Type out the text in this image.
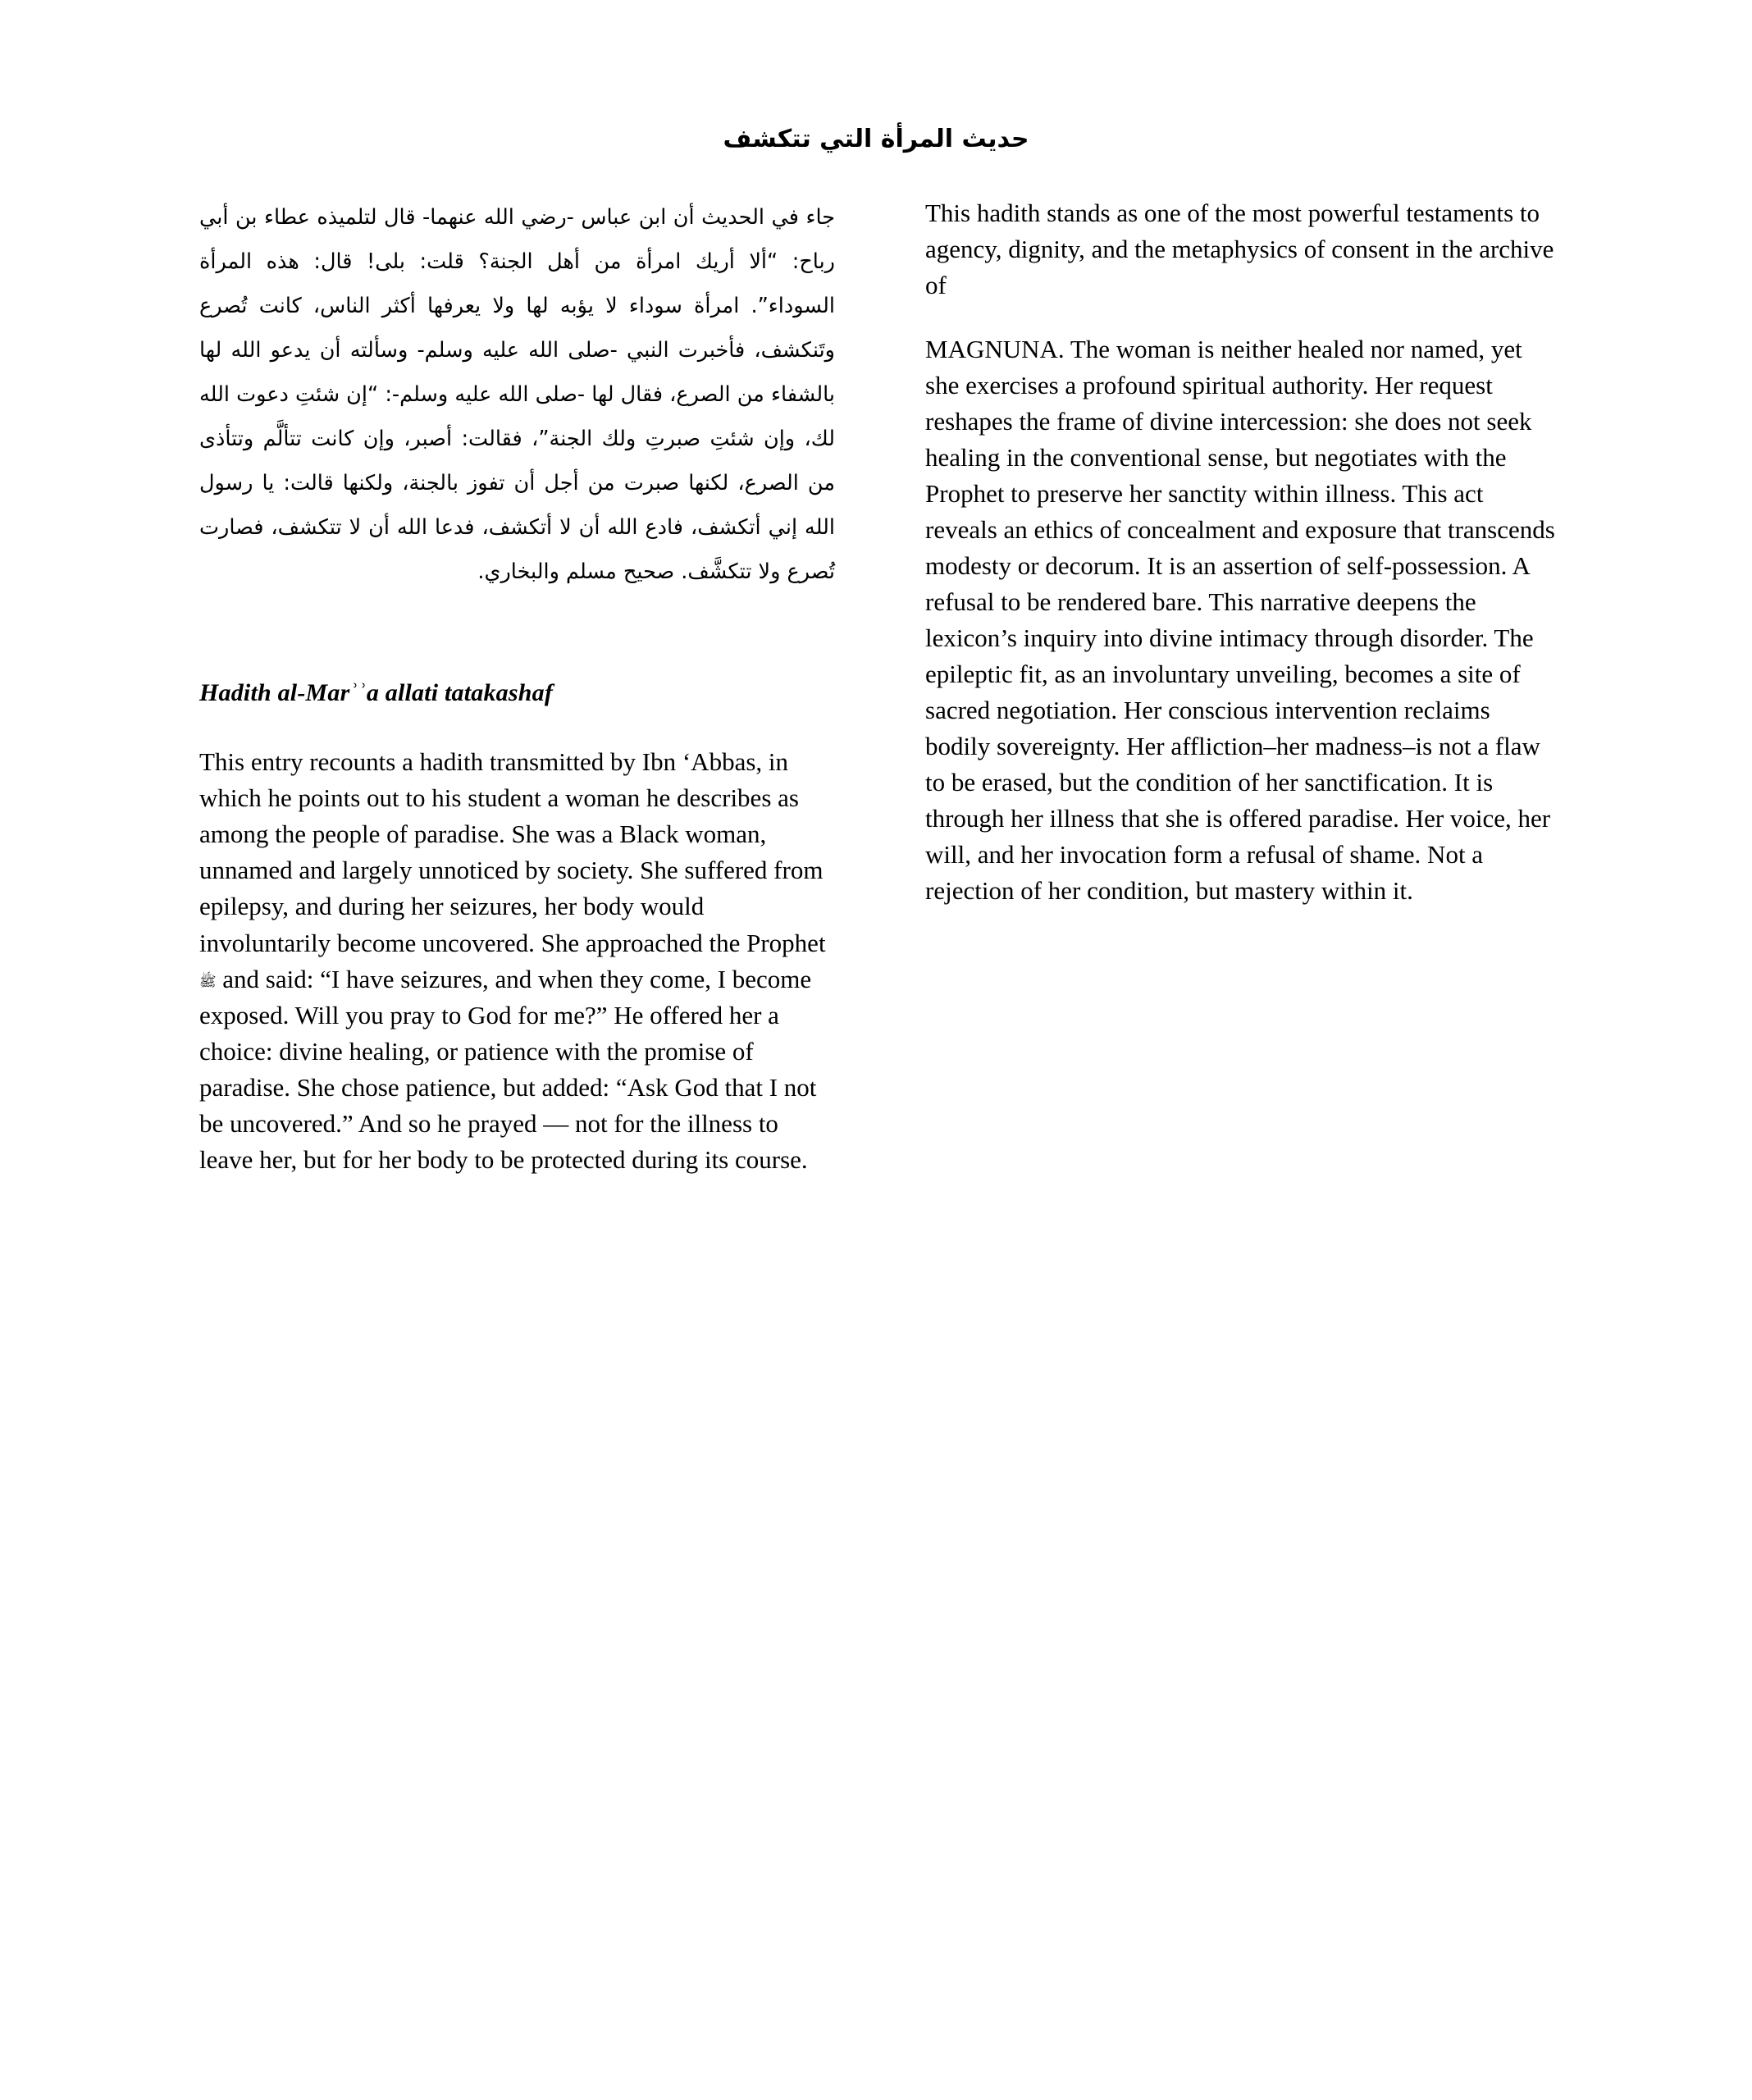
حديث المرأة التي تتكشف
جاء في الحديث أن ابن عباس -رضي الله عنهما- قال لتلميذه عطاء بن أبي رباح: “ألا أريك امرأة من أهل الجنة؟ قلت: بلى! قال: هذه المرأة السوداء”. امرأة سوداء لا يؤبه لها ولا يعرفها أكثر الناس، كانت تُصرع وتَنكشف، فأخبرت النبي -صلى الله عليه وسلم- وسألته أن يدعو الله لها بالشفاء من الصرع، فقال لها -صلى الله عليه وسلم-: “إن شئتِ دعوت الله لك، وإن شئتِ صبرتِ ولك الجنة”، فقالت: أصبر، وإن كانت تتألَّم وتتأذى من الصرع، لكنها صبرت من أجل أن تفوز بالجنة، ولكنها قالت: يا رسول الله إني أتكشف، فادع الله أن لا أتكشف، فدعا الله أن لا تتكشف، فصارت تُصرع ولا تتكشَّف. صحيح مسلم والبخاري.
Hadith al-Marʾʾa allati tatakashaf

This entry recounts a hadith transmitted by Ibn ‘Abbas, in which he points out to his student a woman he describes as among the people of paradise. She was a Black woman, unnamed and largely unnoticed by society. She suffered from epilepsy, and during her seizures, her body would involuntarily become uncovered. She approached the Prophet ﷺ and said: “I have seizures, and when they come, I become exposed. Will you pray to God for me?” He offered her a choice: divine healing, or patience with the promise of paradise. She chose patience, but added: “Ask God that I not be uncovered.” And so he prayed — not for the illness to leave her, but for her body to be protected during its course.

This hadith stands as one of the most powerful testaments to agency, dignity, and the metaphysics of consent in the archive of

MAGNUNA. The woman is neither healed nor named, yet she exercises a profound spiritual authority. Her request reshapes the frame of divine intercession: she does not seek healing in the conventional sense, but negotiates with the Prophet to preserve her sanctity within illness. This act reveals an ethics of concealment and exposure that transcends modesty or decorum. It is an assertion of self-possession. A refusal to be rendered bare. This narrative deepens the lexicon’s inquiry into divine intimacy through disorder. The epileptic fit, as an involuntary unveiling, becomes a site of sacred negotiation. Her conscious intervention reclaims bodily sovereignty. Her affliction–her madness–is not a flaw to be erased, but the condition of her sanctification. It is through her illness that she is offered paradise. Her voice, her will, and her invocation form a refusal of shame. Not a rejection of her condition, but mastery within it.
